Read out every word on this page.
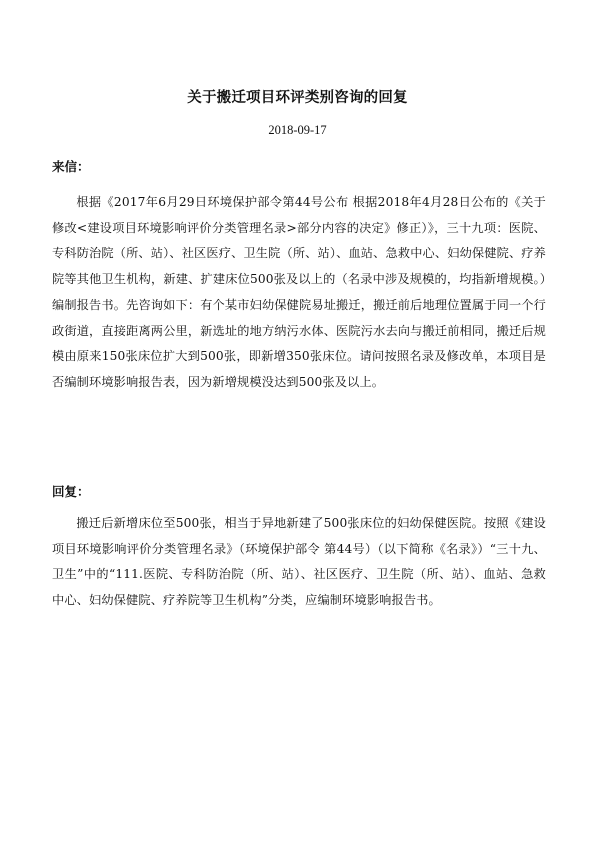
关于搬迁项目环评类别咨询的回复
2018-09-17
来信：
根据《2017年6月29日环境保护部令第44号公布 根据2018年4月28日公布的《关于修改<建设项目环境影响评价分类管理名录>部分内容的决定》修正）》，三十九项：医院、专科防治院（所、站）、社区医疗、卫生院（所、站）、血站、急救中心、妇幼保健院、疗养院等其他卫生机构，新建、扩建床位500张及以上的（名录中涉及规模的，均指新增规模。）编制报告书。先咨询如下：有个某市妇幼保健院易址搬迁，搬迁前后地理位置属于同一个行政街道，直接距离两公里，新选址的地方纳污水体、医院污水去向与搬迁前相同，搬迁后规模由原来150张床位扩大到500张，即新增350张床位。请问按照名录及修改单，本项目是否编制环境影响报告表，因为新增规模没达到500张及以上。
回复：
搬迁后新增床位至500张，相当于异地新建了500张床位的妇幼保健医院。按照《建设项目环境影响评价分类管理名录》（环境保护部令 第44号）（以下简称《名录》）“三十九、卫生”中的“111.医院、专科防治院（所、站）、社区医疗、卫生院（所、站）、血站、急救中心、妇幼保健院、疗养院等卫生机构”分类，应编制环境影响报告书。
